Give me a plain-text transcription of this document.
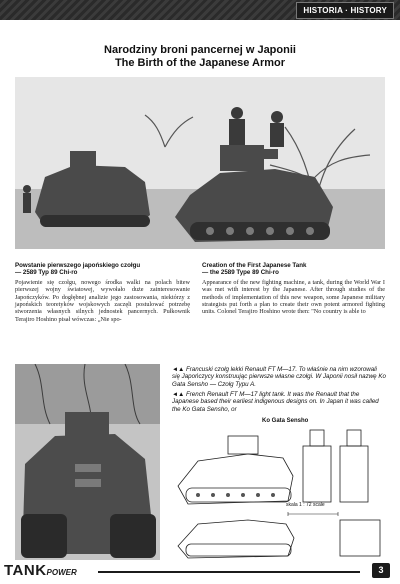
HISTORIA · HISTORY
Narodziny broni pancernej w Japonii
The Birth of the Japanese Armor
Powstanie pierwszego japońskiego czołgu
— 2589 Typ 89 Chi-ro
Pojawienie się czołgu, nowego środka walki na polach bitew pierwszej wojny światowej, wywołało duże zainteresowanie Japończyków. Po dogłębnej analizie jego zastosowania, niektórzy z japońskich teoretyków wojskowych zaczęli postulować potrzebę stworzenia własnych silnych jednostek pancernych. Pułkownik Terajiro Hoshino pisał wówczas: „Nie spo-
Creation of the First Japanese Tank
— the 2589 Type 89 Chi-ro
Appearance of the new fighting machine, a tank, during the World War I was met with interest by the Japanese. After through studies of the methods of implementation of this new weapon, some Japanese military strategists put forth a plan to create their own potent armored fighting units. Colonel Terajiro Hoshino wrote then: "No country is able to
◄▲ Francuski czołg lekki Renault FT M—17. To właśnie na nim wzorowali się Japończycy konstruując pierwsze własne czołgi. W Japonii nosił nazwę Ko Gata Sensho — Czołg Typu A.
◄▲ French Renault FT M—17 light tank. It was the Renault that the Japanese based their earliest indigenous designs on. In Japan it was called the Ko Gata Sensho, or
Ko Gata Sensho
skala 1 : 72 scale
TANKPOWER	3
